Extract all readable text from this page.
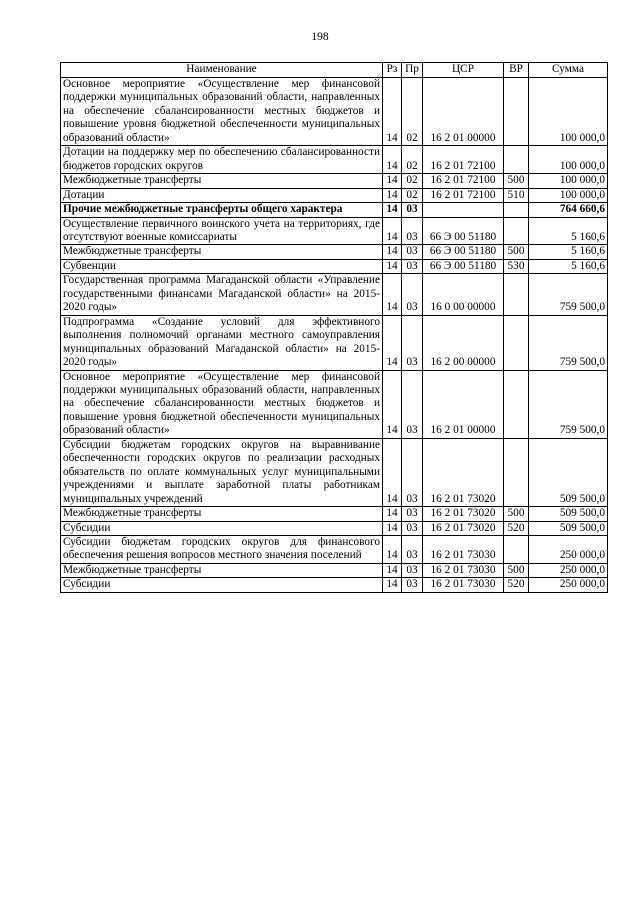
198
Наименование	Рз	Пр	ЦСР	ВР	Сумма
Основное мероприятие «Осуществление мер финансовой поддержки муниципальных образований области, направленных на обеспечение сбалансированности местных бюджетов и повышение уровня бюджетной обеспеченности муниципальных образований области»	14	02	16 2 01 00000		100 000,0
Дотации на поддержку мер по обеспечению сбалансированности бюджетов городских округов	14	02	16 2 01 72100		100 000,0
Межбюджетные трансферты	14	02	16 2 01 72100	500	100 000,0
Дотации	14	02	16 2 01 72100	510	100 000,0
Прочие межбюджетные трансферты общего характера	14	03			764 660,6
Осуществление первичного воинского учета на территориях, где отсутствуют военные комиссариаты	14	03	66 Э 00 51180		5 160,6
Межбюджетные трансферты	14	03	66 Э 00 51180	500	5 160,6
Субвенции	14	03	66 Э 00 51180	530	5 160,6
Государственная программа Магаданской области «Управление государственными финансами Магаданской области» на 2015-2020 годы»	14	03	16 0 00 00000		759 500,0
Подпрограмма «Создание условий для эффективного выполнения полномочий органами местного самоуправления муниципальных образований Магаданской области» на 2015-2020 годы»	14	03	16 2 00 00000		759 500,0
Основное мероприятие «Осуществление мер финансовой поддержки муниципальных образований области, направленных на обеспечение сбалансированности местных бюджетов и повышение уровня бюджетной обеспеченности муниципальных образований области»	14	03	16 2 01 00000		759 500,0
Субсидии бюджетам городских округов на выравнивание обеспеченности городских округов по реализации расходных обязательств по оплате коммунальных услуг муниципальными учреждениями и выплате заработной платы работникам муниципальных учреждений	14	03	16 2 01 73020		509 500,0
Межбюджетные трансферты	14	03	16 2 01 73020	500	509 500,0
Субсидии	14	03	16 2 01 73020	520	509 500,0
Субсидии бюджетам городских округов для финансового обеспечения решения вопросов местного значения поселений	14	03	16 2 01 73030		250 000,0
Межбюджетные трансферты	14	03	16 2 01 73030	500	250 000,0
Субсидии	14	03	16 2 01 73030	520	250 000,0
